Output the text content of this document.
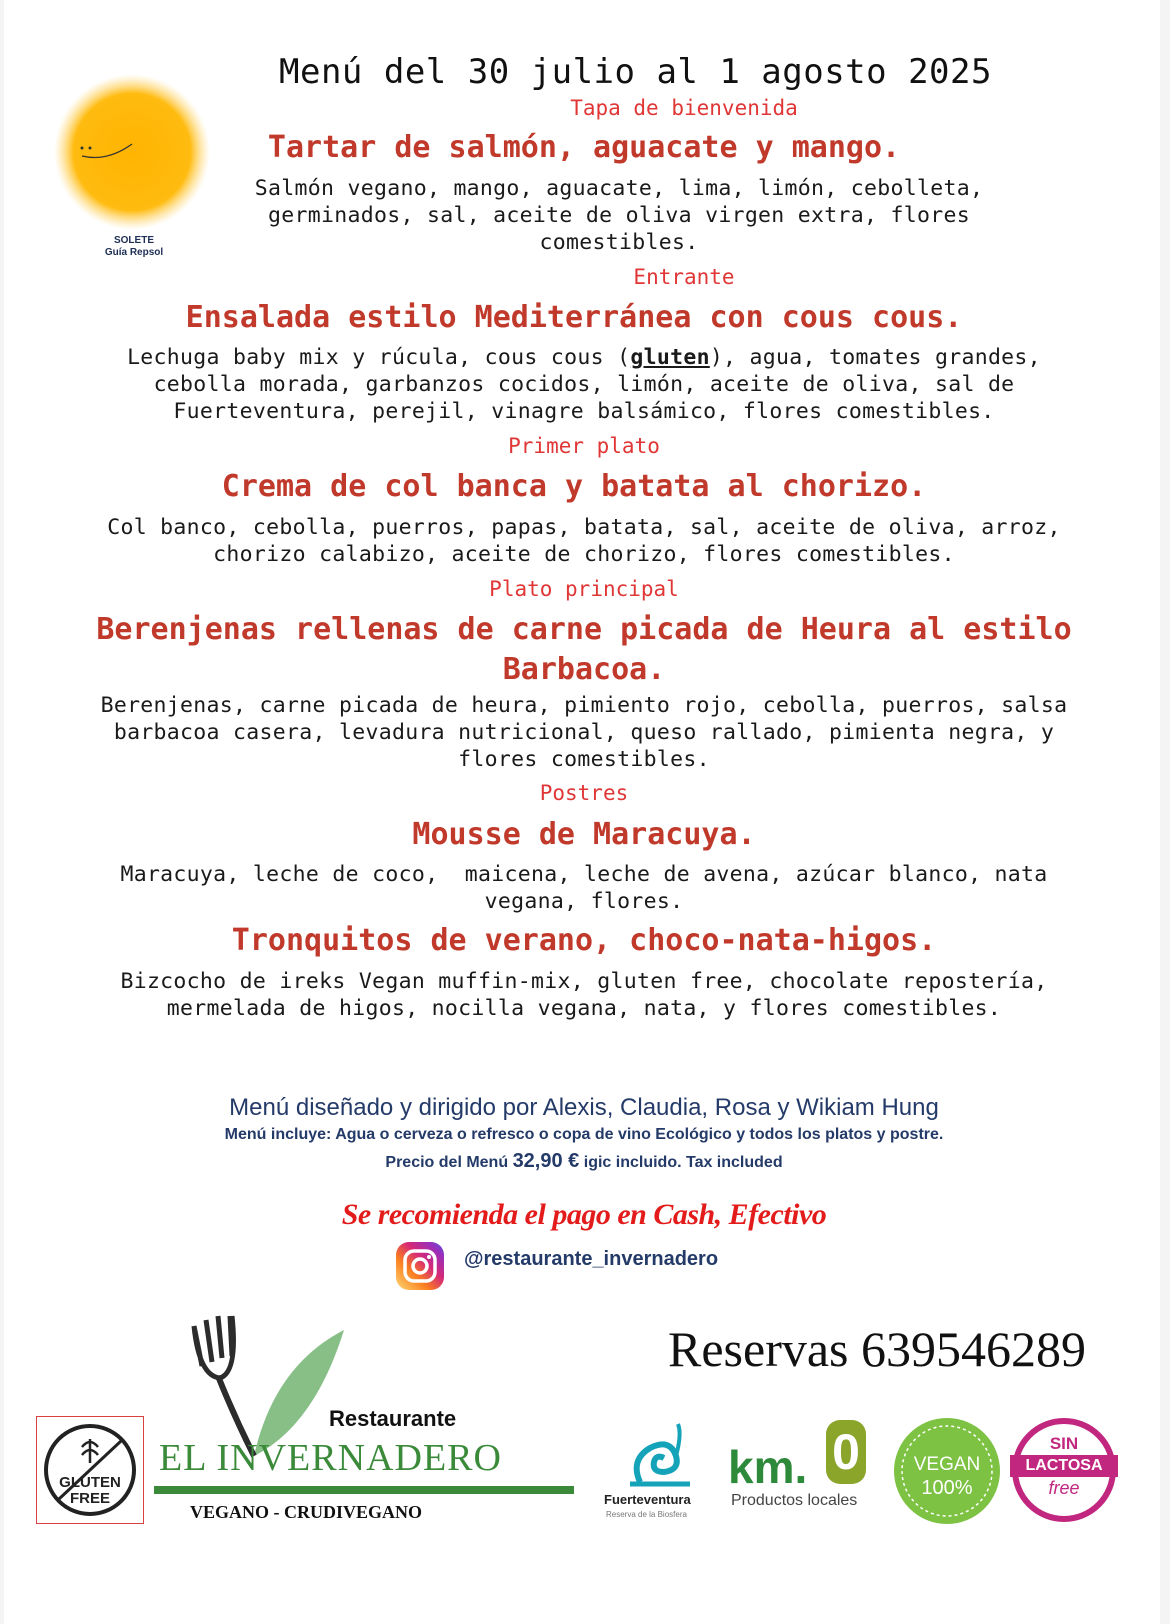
SOLETE
Guía Repsol
Menú del 30 julio al 1 agosto 2025
Tapa de bienvenida
Tartar de salmón, aguacate y mango.
Salmón vegano, mango, aguacate, lima, limón, cebolleta,
germinados, sal, aceite de oliva virgen extra, flores
comestibles.
Entrante
Ensalada estilo Mediterránea con cous cous.
Lechuga baby mix y rúcula, cous cous (gluten), agua, tomates grandes,
cebolla morada, garbanzos cocidos, limón, aceite de oliva, sal de
Fuerteventura, perejil, vinagre balsámico, flores comestibles.
Primer plato
Crema de col banca y batata al chorizo.
Col banco, cebolla, puerros, papas, batata, sal, aceite de oliva, arroz,
chorizo calabizo, aceite de chorizo, flores comestibles.
Plato principal
Berenjenas rellenas de carne picada de Heura al estilo
Barbacoa.
Berenjenas, carne picada de heura, pimiento rojo, cebolla, puerros, salsa
barbacoa casera, levadura nutricional, queso rallado, pimienta negra, y
flores comestibles.
Postres
Mousse de Maracuya.
Maracuya, leche de coco,  maicena, leche de avena, azúcar blanco, nata
vegana, flores.
Tronquitos de verano, choco-nata-higos.
Bizcocho de ireks Vegan muffin-mix, gluten free, chocolate repostería,
mermelada de higos, nocilla vegana, nata, y flores comestibles.
Menú diseñado y dirigido por Alexis, Claudia, Rosa y Wikiam Hung
Menú incluye: Agua o cerveza o refresco o copa de vino Ecológico y todos los platos y postre.
Precio del Menú 32,90 € igic incluido. Tax included
Se recomienda el pago en Cash, Efectivo
@restaurante_invernadero
Reservas 639546289
GLUTEN
FREE
Restaurante
EL INVERNADERO
VEGANO - CRUDIVEGANO
Fuerteventura
Reserva de la Biosfera
km. 0
Productos locales
VEGAN
100%
SIN
LACTOSA
free
